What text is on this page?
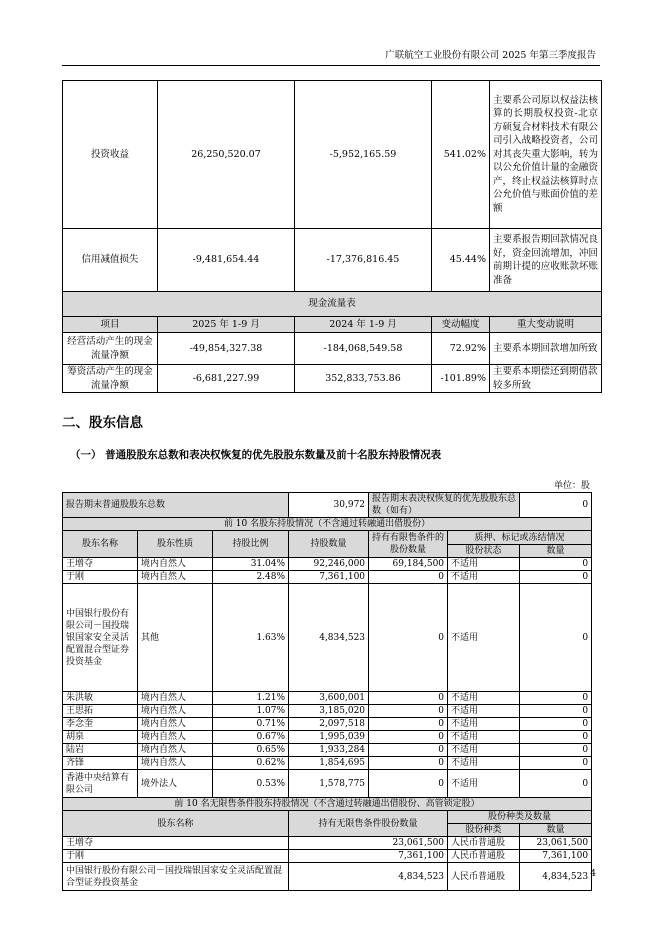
广联航空工业股份有限公司 2025 年第三季度报告
投资收益	26,250,520.07	-5,952,165.59	541.02%	主要系公司原以权益法核算的长期股权投资-北京方硕复合材料技术有限公司引入战略投资者，公司对其丧失重大影响，转为以公允价值计量的金融资产，终止权益法核算时点公允价值与账面价值的差额
信用减值损失	-9,481,654.44	-17,376,816.45	45.44%	主要系报告期回款情况良好，资金回流增加，冲回前期计提的应收账款坏账准备
现金流量表				
项目	2025 年 1-9 月	2024 年 1-9 月	变动幅度	重大变动说明
经营活动产生的现金流量净额	-49,854,327.38	-184,068,549.58	72.92%	主要系本期回款增加所致
筹资活动产生的现金流量净额	-6,681,227.99	352,833,753.86	-101.89%	主要系本期偿还到期借款较多所致
二、股东信息
（一） 普通股股东总数和表决权恢复的优先股股东数量及前十名股东持股情况表
单位：股
报告期末普通股股东总数			30,972	报告期末表决权恢复的优先股股东总数（如有）		0
前 10 名股东持股情况（不含通过转融通出借股份）						
股东名称	股东性质	持股比例	持股数量	持有有限售条件的股份数量	质押、标记或冻结情况	
					股份状态	数量
王增夺	境内自然人	31.04%	92,246,000	69,184,500	不适用	0
于刚	境内自然人	2.48%	7,361,100	0	不适用	0
中国银行股份有限公司－国投瑞银国家安全灵活配置混合型证券投资基金	其他	1.63%	4,834,523	0	不适用	0
朱洪敏	境内自然人	1.21%	3,600,001	0	不适用	0
王思拓	境内自然人	1.07%	3,185,020	0	不适用	0
李念奎	境内自然人	0.71%	2,097,518	0	不适用	0
胡泉	境内自然人	0.67%	1,995,039	0	不适用	0
陆岩	境内自然人	0.65%	1,933,284	0	不适用	0
齐锋	境内自然人	0.62%	1,854,695	0	不适用	0
香港中央结算有限公司	境外法人	0.53%	1,578,775	0	不适用	0
前 10 名无限售条件股东持股情况（不含通过转融通出借股份、高管锁定股）						
股东名称			持有无限售条件股份数量		股份种类及数量	
					股份种类	数量
王增夺			23,061,500		人民币普通股	23,061,500
于刚			7,361,100		人民币普通股	7,361,100
中国银行股份有限公司－国投瑞银国家安全灵活配置混合型证券投资基金			4,834,523		人民币普通股	4,834,523 4
